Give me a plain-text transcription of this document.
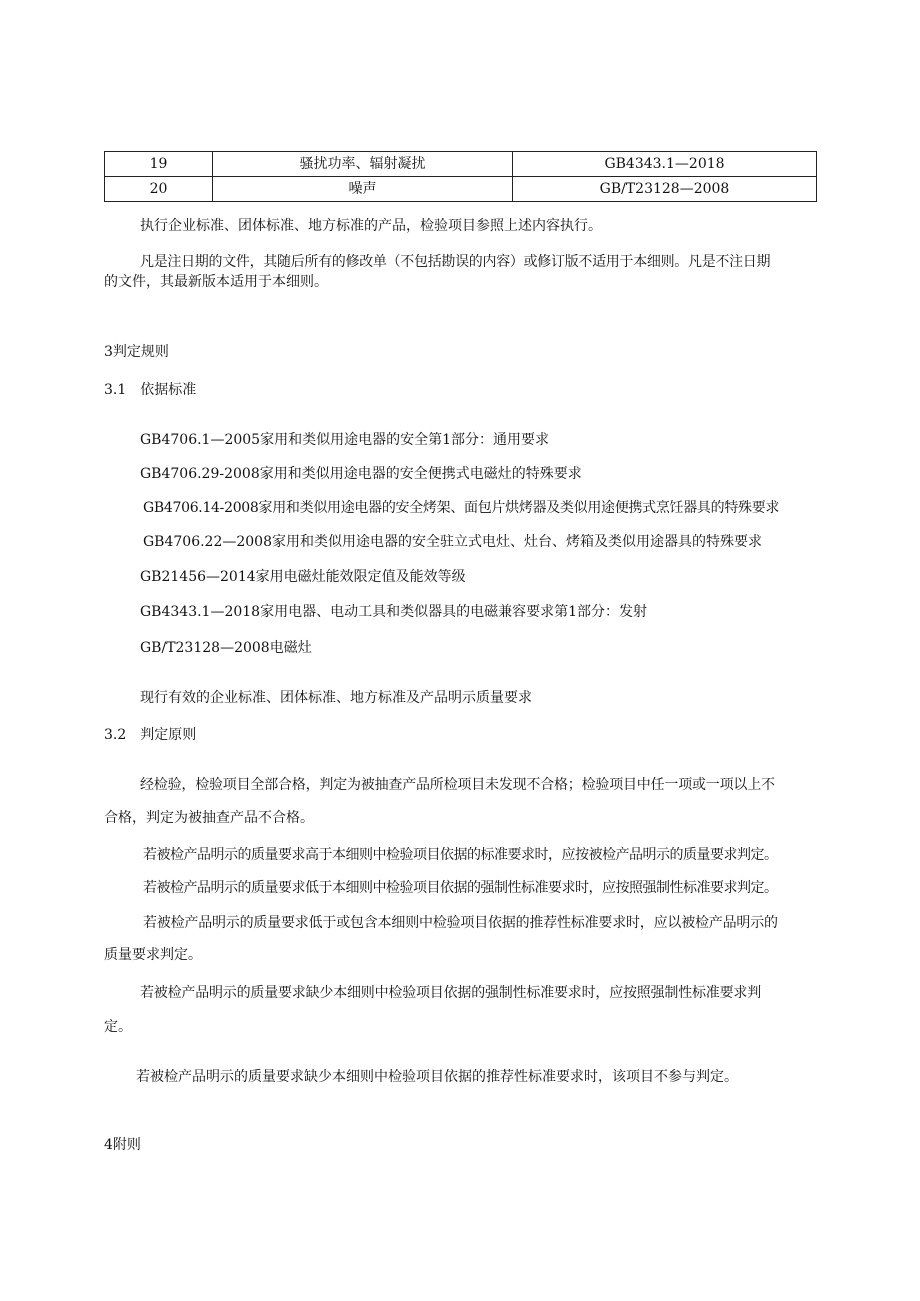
19	骚扰功率、辐射凝扰	GB4343.1—2018
20	噪声	GB/T23128—2008
执行企业标准、团体标准、地方标准的产品，检验项目参照上述内容执行。
凡是注日期的文件，其随后所有的修改单（不包括勘误的内容）或修订版不适用于本细则。凡是不注日期
的文件，其最新版本适用于本细则。
3判定规则
3.1　依据标准
GB4706.1—2005家用和类似用途电器的安全第1部分：通用要求
GB4706.29-2008家用和类似用途电器的安全便携式电磁灶的特殊要求
GB4706.14-2008家用和类似用途电器的安全烤架、面包片烘烤器及类似用途便携式烹饪器具的特殊要求
GB4706.22—2008家用和类似用途电器的安全驻立式电灶、灶台、烤箱及类似用途器具的特殊要求
GB21456—2014家用电磁灶能效限定值及能效等级
GB4343.1—2018家用电器、电动工具和类似器具的电磁兼容要求第1部分：发射
GB/T23128—2008电磁灶
现行有效的企业标准、团体标准、地方标准及产品明示质量要求
3.2　判定原则
经检验，检验项目全部合格，判定为被抽查产品所检项目未发现不合格；检验项目中任一项或一项以上不
合格，判定为被抽查产品不合格。
若被检产品明示的质量要求高于本细则中检验项目依据的标准要求时，应按被检产品明示的质量要求判定。
若被检产品明示的质量要求低于本细则中检验项目依据的强制性标准要求时，应按照强制性标准要求判定。
若被检产品明示的质量要求低于或包含本细则中检验项目依据的推荐性标准要求时，应以被检产品明示的
质量要求判定。
若被检产品明示的质量要求缺少本细则中检验项目依据的强制性标准要求时，应按照强制性标准要求判
定。
若被检产品明示的质量要求缺少本细则中检验项目依据的推荐性标准要求时，该项目不参与判定。
4附则
